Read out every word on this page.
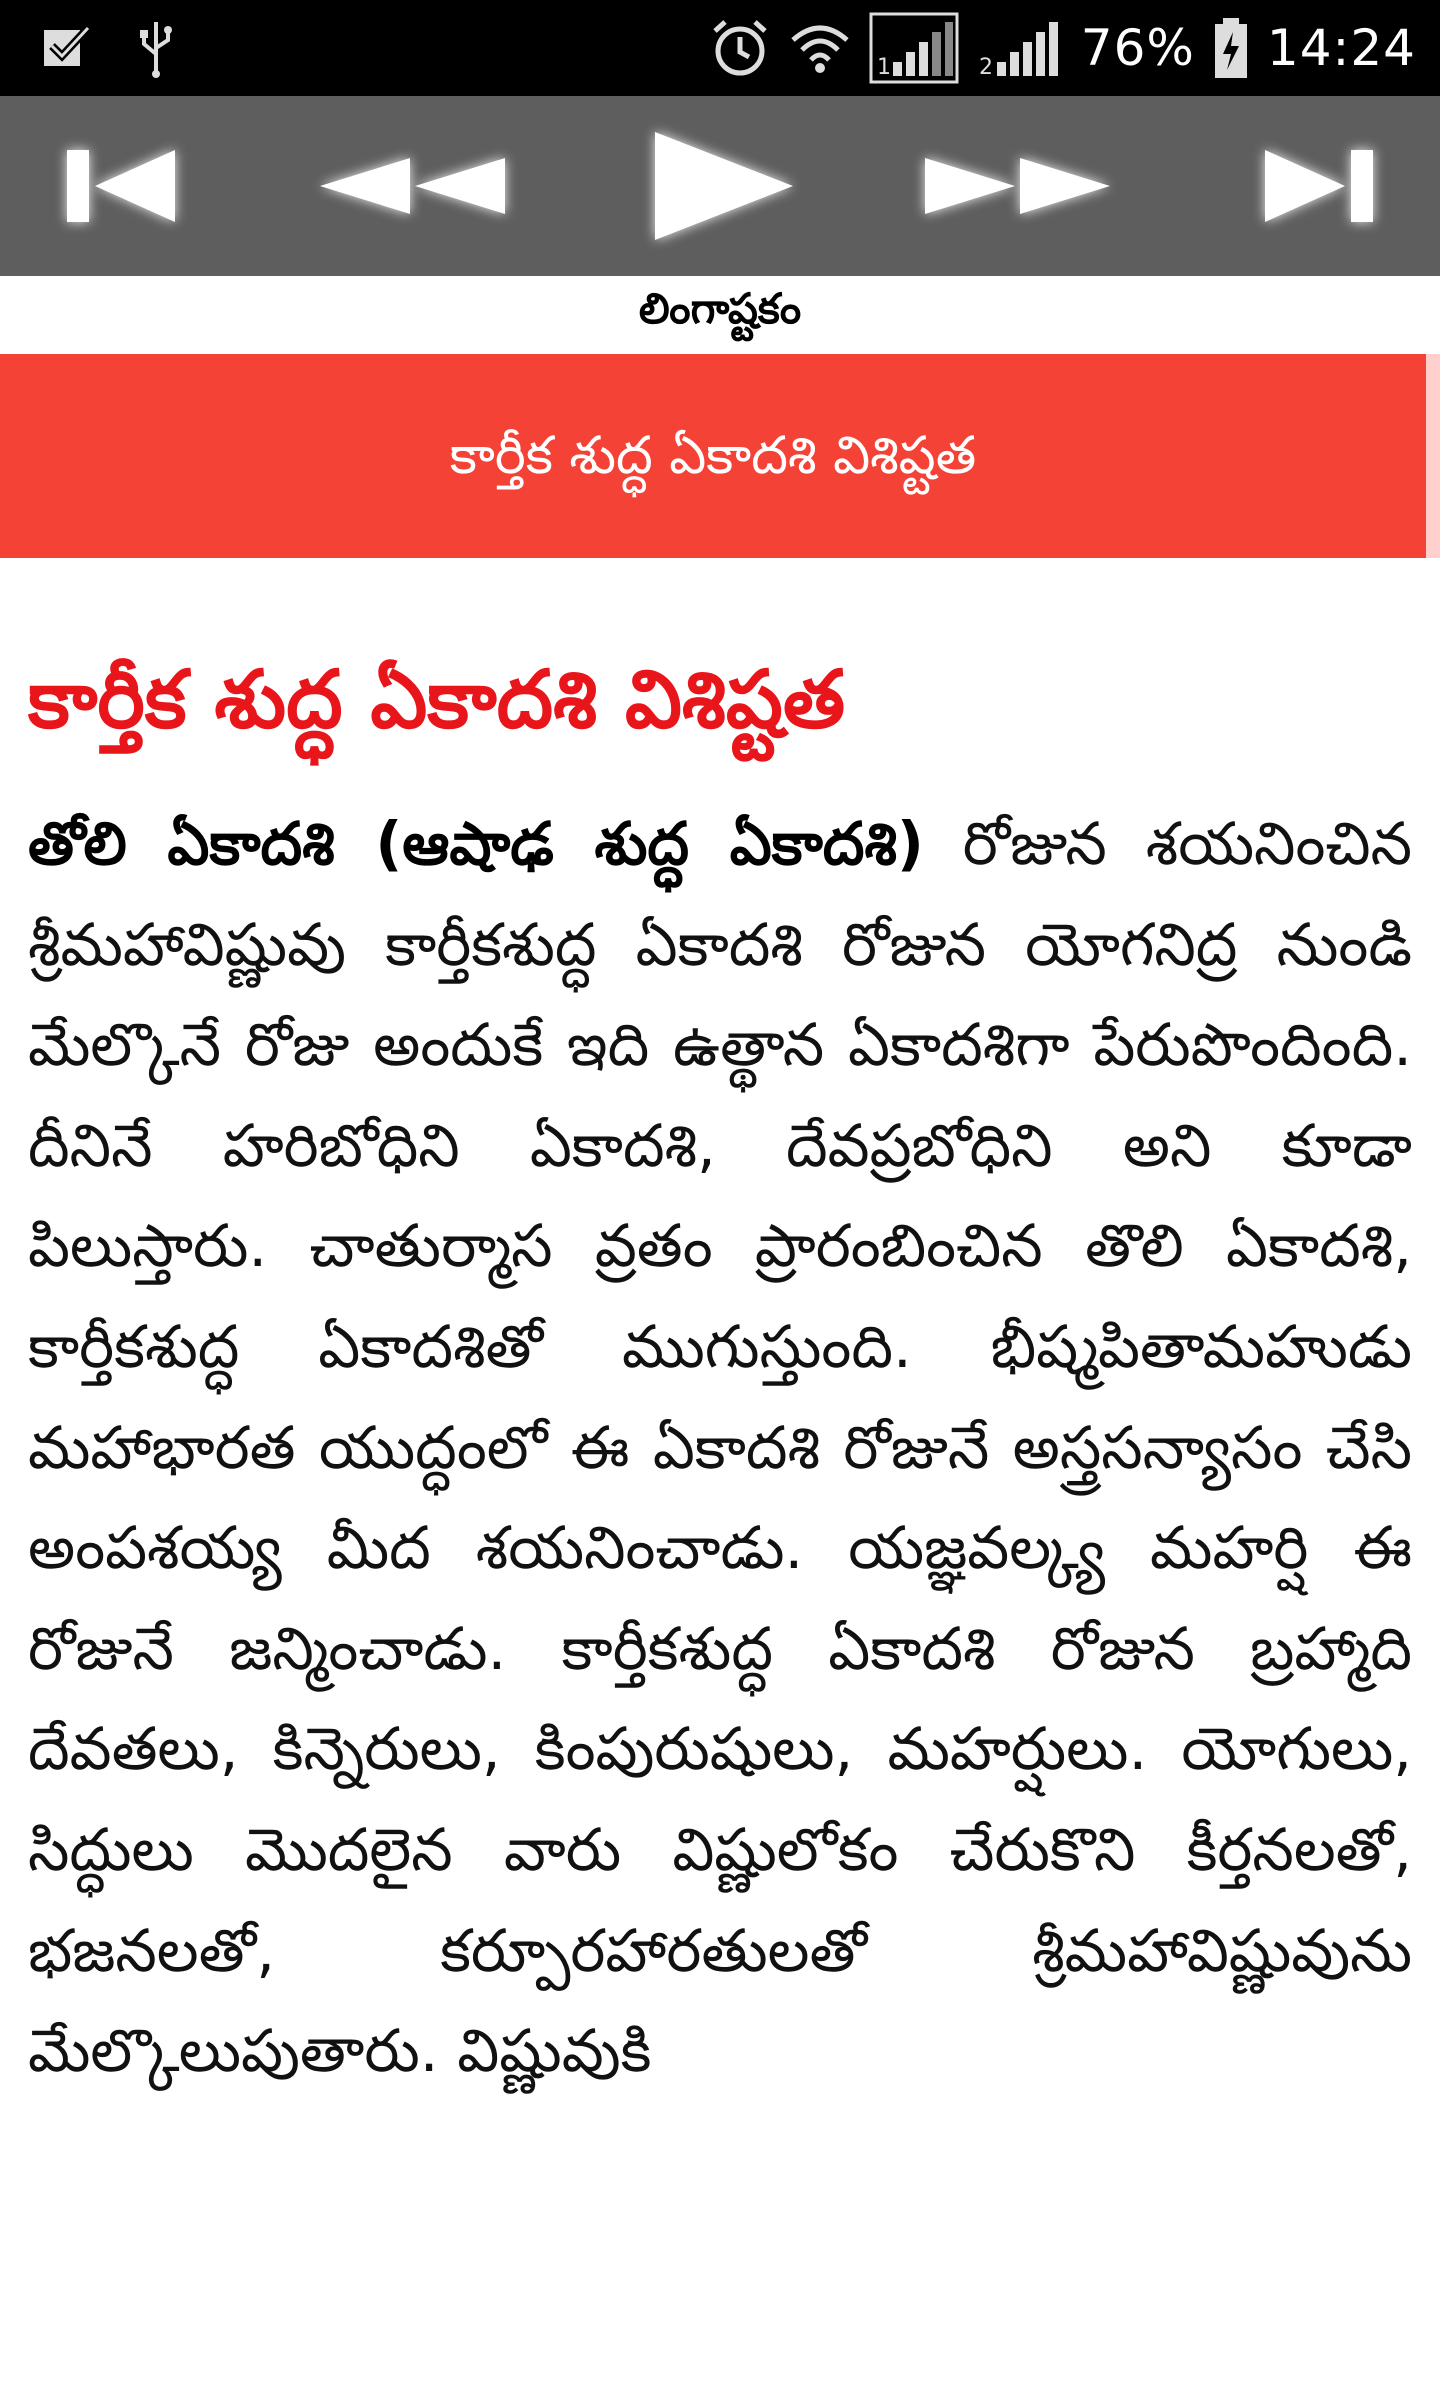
1	2 76% 14:24
లింగాష్టకం
కార్తీక శుద్ధ ఏకాదశి విశిష్టత
కార్తీక శుద్ధ ఏకాదశి విశిష్టత
తోలి ఏకాదశి (ఆషాఢ శుద్ధ ఏకాదశి) రోజున శయనించిన శ్రీమహావిష్ణువు కార్తీకశుద్ధ ఏకాదశి రోజున యోగనిద్ర నుండి మేల్కొనే రోజు అందుకే ఇది ఉత్థాన ఏకాదశిగా పేరుపొందింది. దీనినే హరిబోధిని ఏకాదశి, దేవప్రబోధిని అని కూడా పిలుస్తారు. చాతుర్మాస వ్రతం ప్రారంబించిన తొలి ఏకాదశి, కార్తీకశుద్ధ ఏకాదశితో ముగుస్తుంది. భీష్మపితామహుడు మహాభారత యుద్ధంలో ఈ ఏకాదశి రోజునే అస్త్రసన్యాసం చేసి అంపశయ్య మీద శయనించాడు. యజ్ఞవల్క్య మహర్షి ఈ రోజునే జన్మించాడు. కార్తీకశుద్ధ ఏకాదశి రోజున బ్రహ్మాది దేవతలు, కిన్నెరులు, కింపురుషులు, మహర్షులు. యోగులు, సిద్ధులు మొదలైన వారు విష్ణులోకం చేరుకొని కీర్తనలతో, భజనలతో, కర్పూరహారతులతో శ్రీమహావిష్ణువును మేల్కొలుపుతారు. విష్ణువుకి
